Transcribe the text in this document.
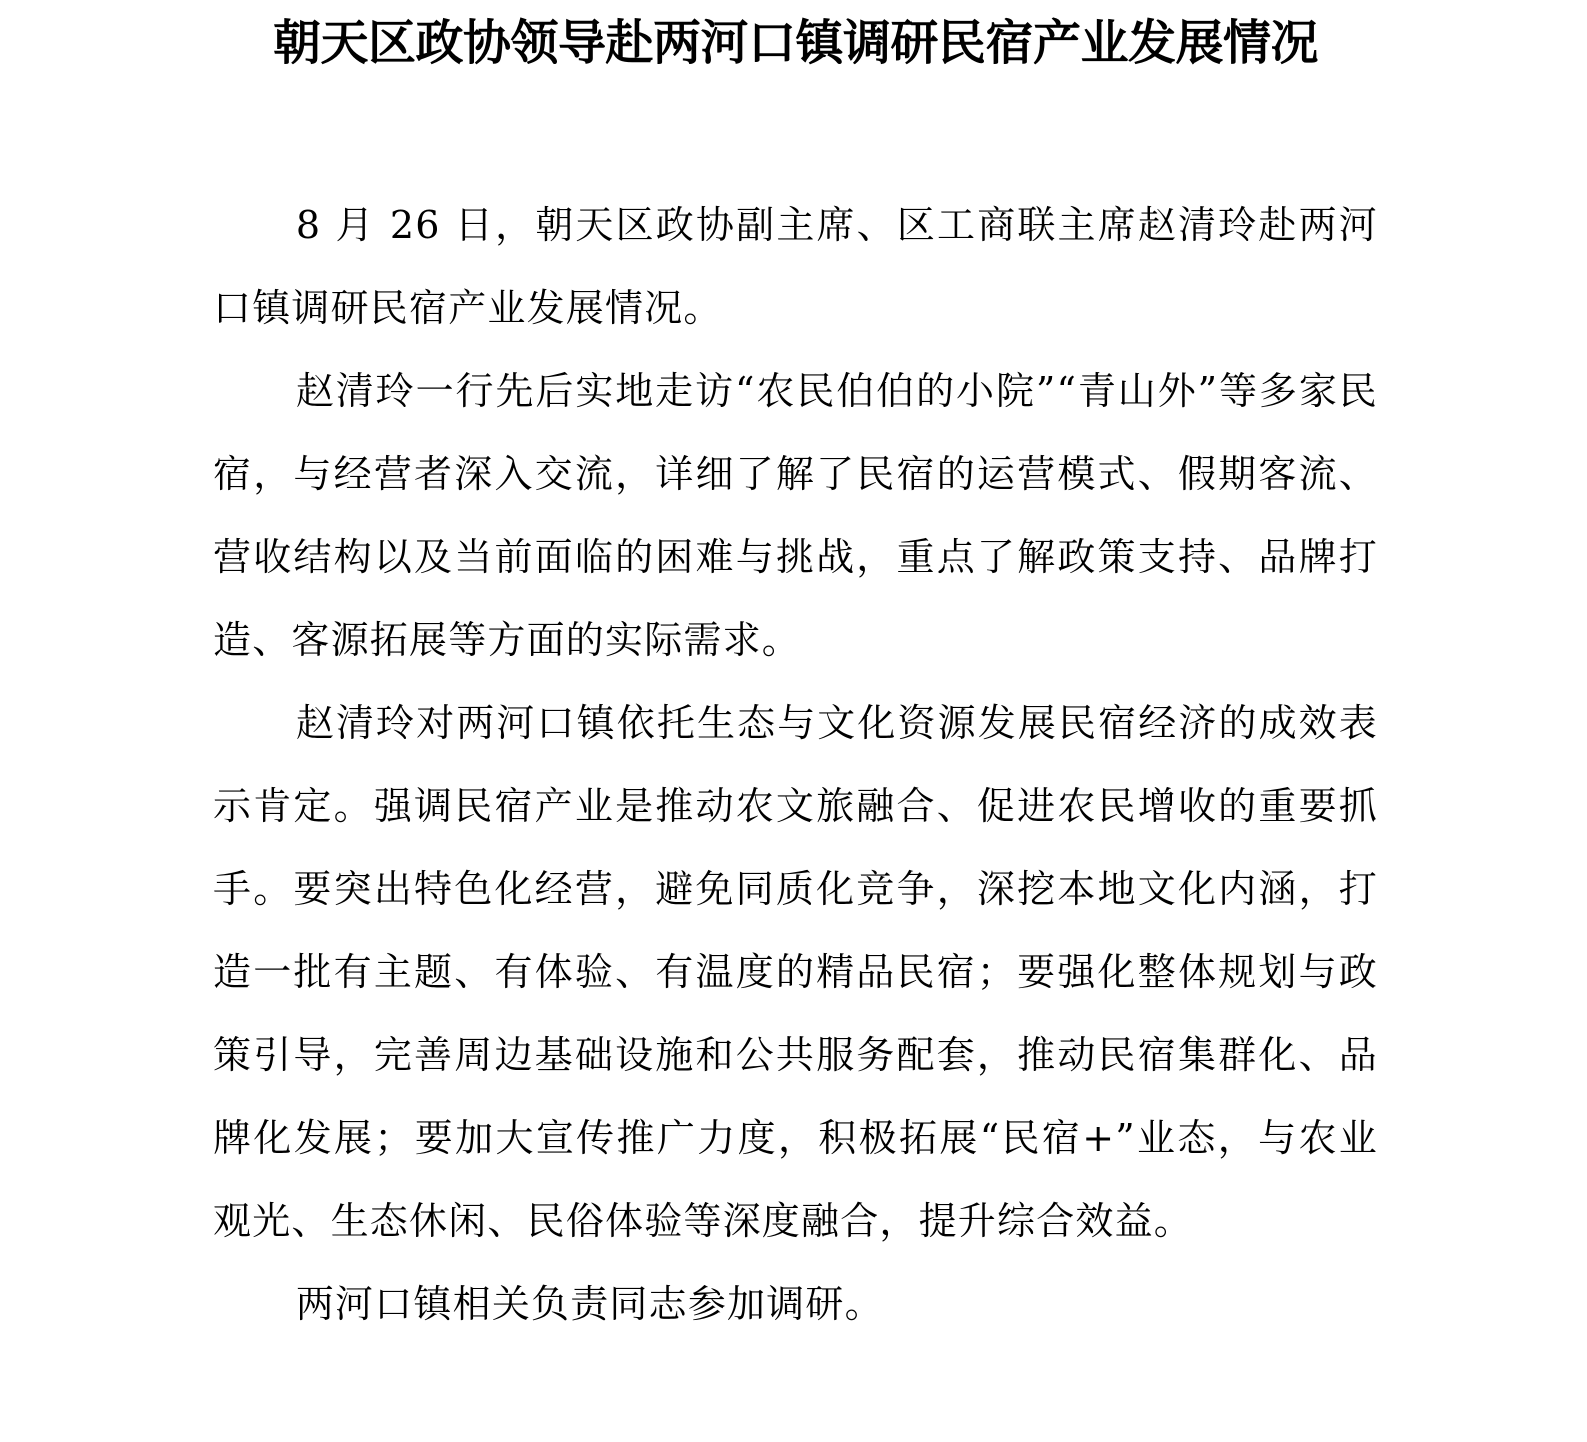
朝天区政协领导赴两河口镇调研民宿产业发展情况

8 月 26 日，朝天区政协副主席、区工商联主席赵清玲赴两河口镇调研民宿产业发展情况。

赵清玲一行先后实地走访“农民伯伯的小院”“青山外”等多家民宿，与经营者深入交流，详细了解了民宿的运营模式、假期客流、营收结构以及当前面临的困难与挑战，重点了解政策支持、品牌打造、客源拓展等方面的实际需求。

赵清玲对两河口镇依托生态与文化资源发展民宿经济的成效表示肯定。强调民宿产业是推动农文旅融合、促进农民增收的重要抓手。要突出特色化经营，避免同质化竞争，深挖本地文化内涵，打造一批有主题、有体验、有温度的精品民宿；要强化整体规划与政策引导，完善周边基础设施和公共服务配套，推动民宿集群化、品牌化发展；要加大宣传推广力度，积极拓展“民宿+”业态，与农业观光、生态休闲、民俗体验等深度融合，提升综合效益。

两河口镇相关负责同志参加调研。
